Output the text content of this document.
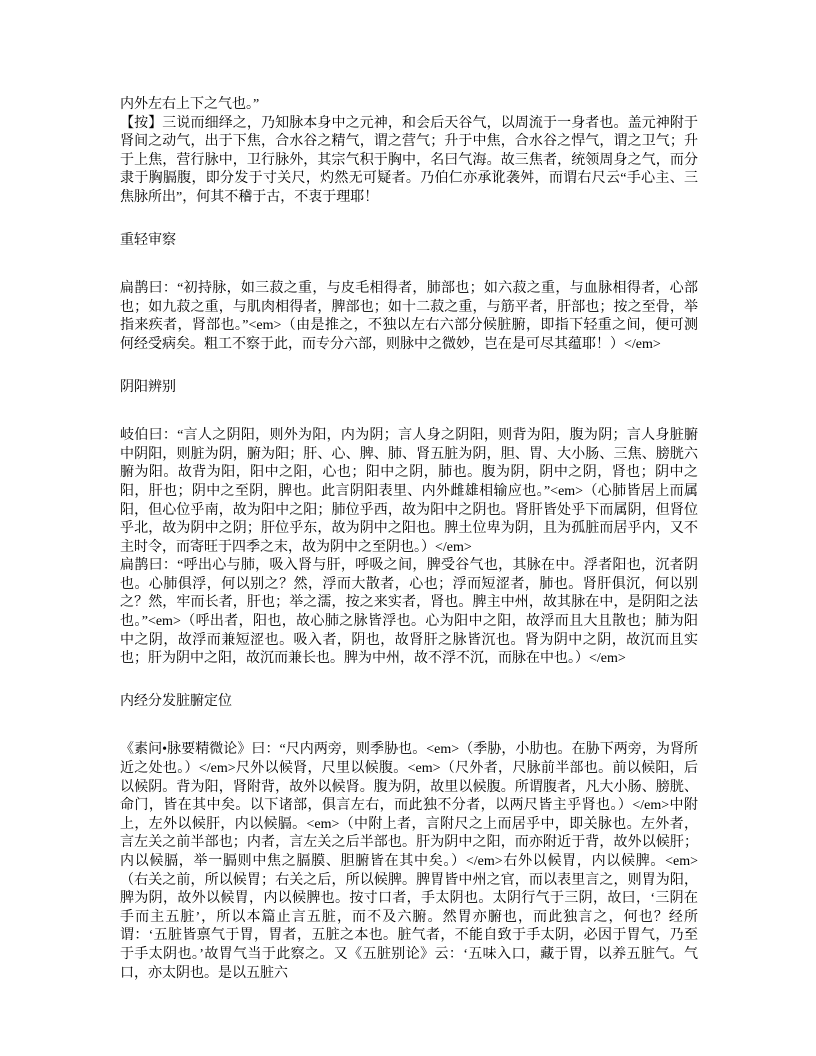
内外左右上下之气也。”

【按】三说而细绎之，乃知脉本身中之元神，和会后天谷气，以周流于一身者也。盖元神附于肾间之动气，出于下焦，合水谷之精气，谓之营气；升于中焦，合水谷之悍气，谓之卫气；升于上焦，营行脉中，卫行脉外，其宗气积于胸中，名曰气海。故三焦者，统领周身之气，而分隶于胸膈腹，即分发于寸关尺，灼然无可疑者。乃伯仁亦承讹袭舛，而谓右尺云“手心主、三焦脉所出”，何其不稽于古，不衷于理耶！

重轻审察

扁鹊曰：“初持脉，如三菽之重，与皮毛相得者，肺部也；如六菽之重，与血脉相得者，心部也；如九菽之重，与肌肉相得者，脾部也；如十二菽之重，与筋平者，肝部也；按之至骨，举指来疾者，肾部也。”<em>（由是推之，不独以左右六部分候脏腑，即指下轻重之间，便可测何经受病矣。粗工不察于此，而专分六部，则脉中之微妙，岂在是可尽其蕴耶！）</em>

阴阳辨别

岐伯曰：“言人之阴阳，则外为阳，内为阴；言人身之阴阳，则背为阳，腹为阴；言人身脏腑中阴阳，则脏为阴，腑为阳；肝、心、脾、肺、肾五脏为阴，胆、胃、大小肠、三焦、膀胱六腑为阳。故背为阳，阳中之阳，心也；阳中之阴，肺也。腹为阴，阴中之阴，肾也；阴中之阳，肝也；阴中之至阴，脾也。此言阴阳表里、内外雌雄相输应也。”<em>（心肺皆居上而属阳，但心位乎南，故为阳中之阳；肺位乎西，故为阳中之阴也。肾肝皆处乎下而属阴，但肾位乎北，故为阴中之阴；肝位乎东，故为阴中之阳也。脾土位卑为阴，且为孤脏而居乎内，又不主时令，而寄旺于四季之末，故为阴中之至阴也。）</em>

扁鹊曰：“呼出心与肺，吸入肾与肝，呼吸之间，脾受谷气也，其脉在中。浮者阳也，沉者阴也。心肺俱浮，何以别之？然，浮而大散者，心也；浮而短涩者，肺也。肾肝俱沉，何以别之？然，牢而长者，肝也；举之濡，按之来实者，肾也。脾主中州，故其脉在中，是阴阳之法也。”<em>（呼出者，阳也，故心肺之脉皆浮也。心为阳中之阳，故浮而且大且散也；肺为阳中之阴，故浮而兼短涩也。吸入者，阴也，故肾肝之脉皆沉也。肾为阴中之阴，故沉而且实也；肝为阴中之阳，故沉而兼长也。脾为中州，故不浮不沉，而脉在中也。）</em>

内经分发脏腑定位

《素问•脉要精微论》曰：“尺内两旁，则季胁也。<em>（季胁，小肋也。在胁下两旁，为肾所近之处也。）</em>尺外以候肾，尺里以候腹。<em>（尺外者，尺脉前半部也。前以候阳，后以候阴。背为阳，肾附背，故外以候肾。腹为阴，故里以候腹。所谓腹者，凡大小肠、膀胱、命门，皆在其中矣。以下诸部，俱言左右，而此独不分者，以两尺皆主乎肾也。）</em>中附上，左外以候肝，内以候膈。<em>（中附上者，言附尺之上而居乎中，即关脉也。左外者，言左关之前半部也；内者，言左关之后半部也。肝为阴中之阳，而亦附近于背，故外以候肝；内以候膈，举一膈则中焦之膈膜、胆腑皆在其中矣。）</em>右外以候胃，内以候脾。<em>（右关之前，所以候胃；右关之后，所以候脾。脾胃皆中州之官，而以表里言之，则胃为阳，脾为阴，故外以候胃，内以候脾也。按寸口者，手太阴也。太阴行气于三阴，故曰，‘三阴在手而主五脏’，所以本篇止言五脏，而不及六腑。然胃亦腑也，而此独言之，何也？经所谓：‘五脏皆禀气于胃，胃者，五脏之本也。脏气者，不能自致于手太阴，必因于胃气，乃至于手太阴也。’故胃气当于此察之。又《五脏别论》云：‘五味入口，藏于胃，以养五脏气。气口，亦太阴也。是以五脏六
